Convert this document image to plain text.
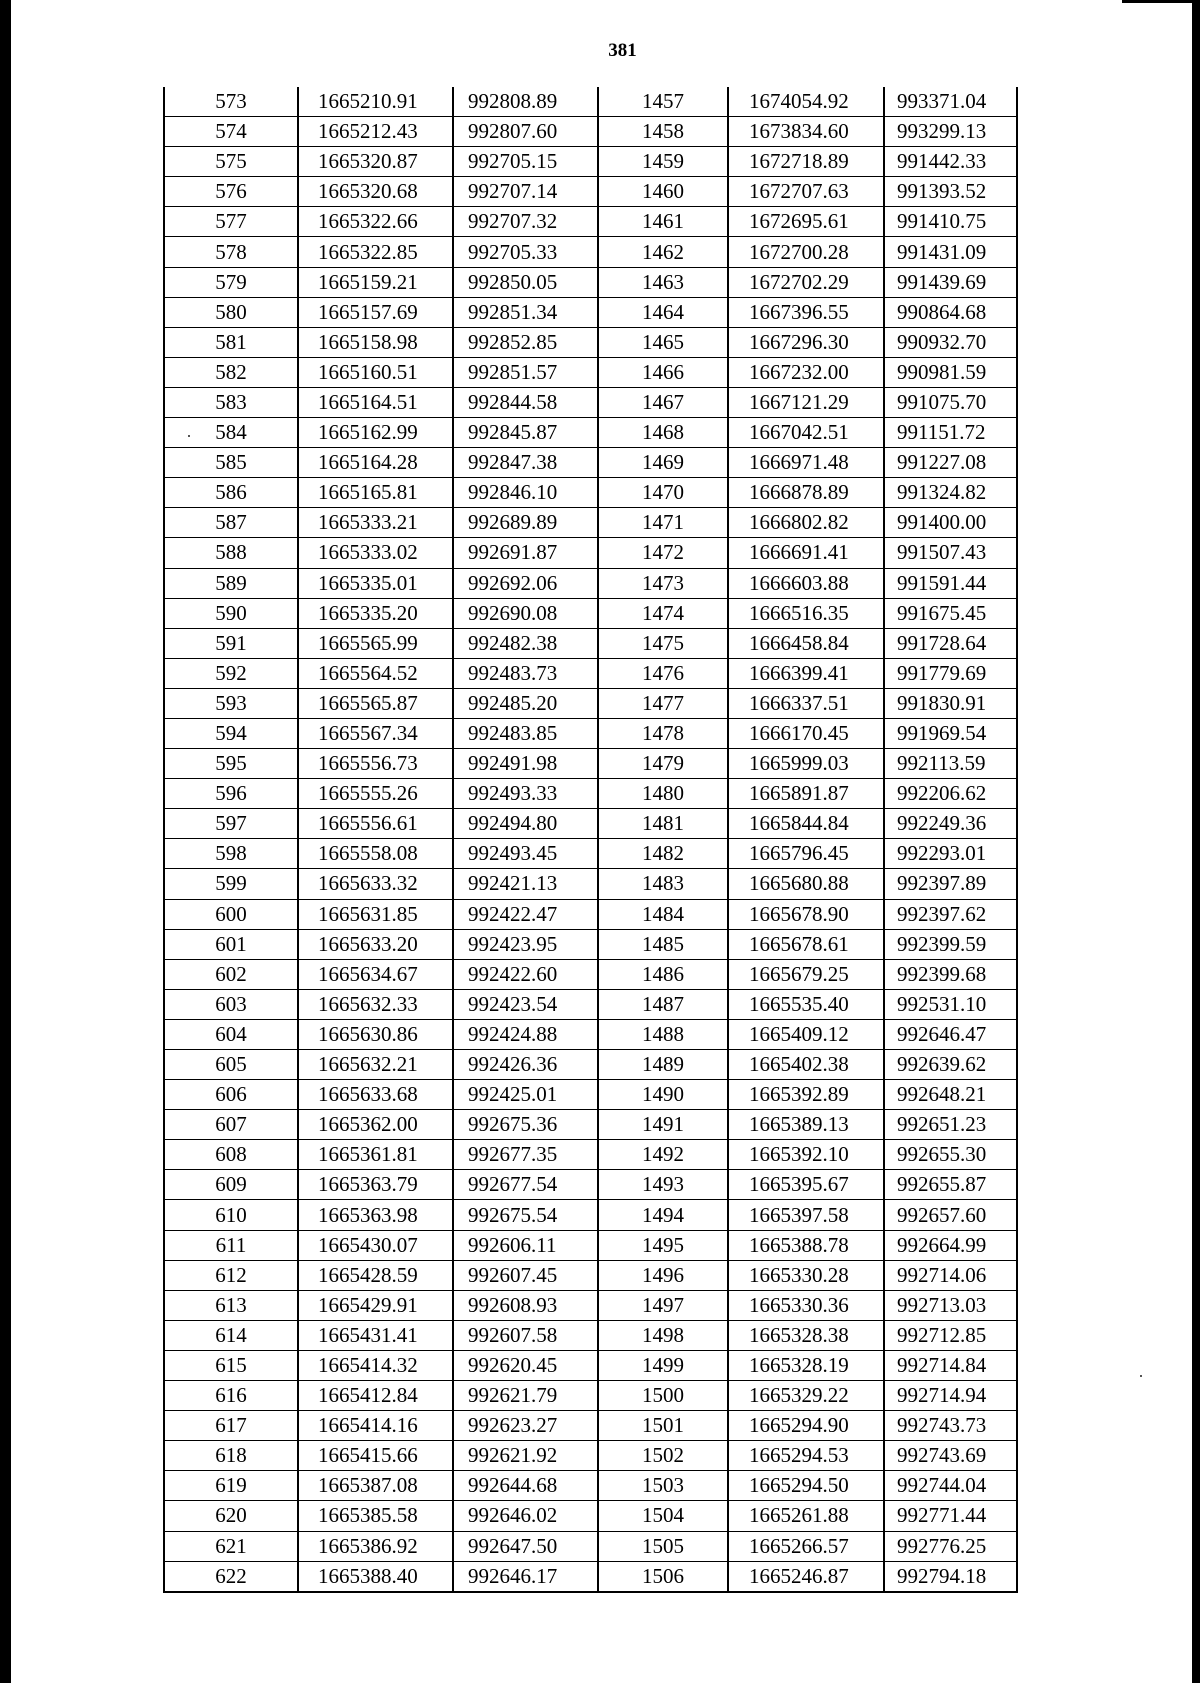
381
573	1665210.91	992808.89	1457	1674054.92	993371.04
574	1665212.43	992807.60	1458	1673834.60	993299.13
575	1665320.87	992705.15	1459	1672718.89	991442.33
576	1665320.68	992707.14	1460	1672707.63	991393.52
577	1665322.66	992707.32	1461	1672695.61	991410.75
578	1665322.85	992705.33	1462	1672700.28	991431.09
579	1665159.21	992850.05	1463	1672702.29	991439.69
580	1665157.69	992851.34	1464	1667396.55	990864.68
581	1665158.98	992852.85	1465	1667296.30	990932.70
582	1665160.51	992851.57	1466	1667232.00	990981.59
583	1665164.51	992844.58	1467	1667121.29	991075.70
584	1665162.99	992845.87	1468	1667042.51	991151.72
585	1665164.28	992847.38	1469	1666971.48	991227.08
586	1665165.81	992846.10	1470	1666878.89	991324.82
587	1665333.21	992689.89	1471	1666802.82	991400.00
588	1665333.02	992691.87	1472	1666691.41	991507.43
589	1665335.01	992692.06	1473	1666603.88	991591.44
590	1665335.20	992690.08	1474	1666516.35	991675.45
591	1665565.99	992482.38	1475	1666458.84	991728.64
592	1665564.52	992483.73	1476	1666399.41	991779.69
593	1665565.87	992485.20	1477	1666337.51	991830.91
594	1665567.34	992483.85	1478	1666170.45	991969.54
595	1665556.73	992491.98	1479	1665999.03	992113.59
596	1665555.26	992493.33	1480	1665891.87	992206.62
597	1665556.61	992494.80	1481	1665844.84	992249.36
598	1665558.08	992493.45	1482	1665796.45	992293.01
599	1665633.32	992421.13	1483	1665680.88	992397.89
600	1665631.85	992422.47	1484	1665678.90	992397.62
601	1665633.20	992423.95	1485	1665678.61	992399.59
602	1665634.67	992422.60	1486	1665679.25	992399.68
603	1665632.33	992423.54	1487	1665535.40	992531.10
604	1665630.86	992424.88	1488	1665409.12	992646.47
605	1665632.21	992426.36	1489	1665402.38	992639.62
606	1665633.68	992425.01	1490	1665392.89	992648.21
607	1665362.00	992675.36	1491	1665389.13	992651.23
608	1665361.81	992677.35	1492	1665392.10	992655.30
609	1665363.79	992677.54	1493	1665395.67	992655.87
610	1665363.98	992675.54	1494	1665397.58	992657.60
611	1665430.07	992606.11	1495	1665388.78	992664.99
612	1665428.59	992607.45	1496	1665330.28	992714.06
613	1665429.91	992608.93	1497	1665330.36	992713.03
614	1665431.41	992607.58	1498	1665328.38	992712.85
615	1665414.32	992620.45	1499	1665328.19	992714.84
616	1665412.84	992621.79	1500	1665329.22	992714.94
617	1665414.16	992623.27	1501	1665294.90	992743.73
618	1665415.66	992621.92	1502	1665294.53	992743.69
619	1665387.08	992644.68	1503	1665294.50	992744.04
620	1665385.58	992646.02	1504	1665261.88	992771.44
621	1665386.92	992647.50	1505	1665266.57	992776.25
622	1665388.40	992646.17	1506	1665246.87	992794.18
